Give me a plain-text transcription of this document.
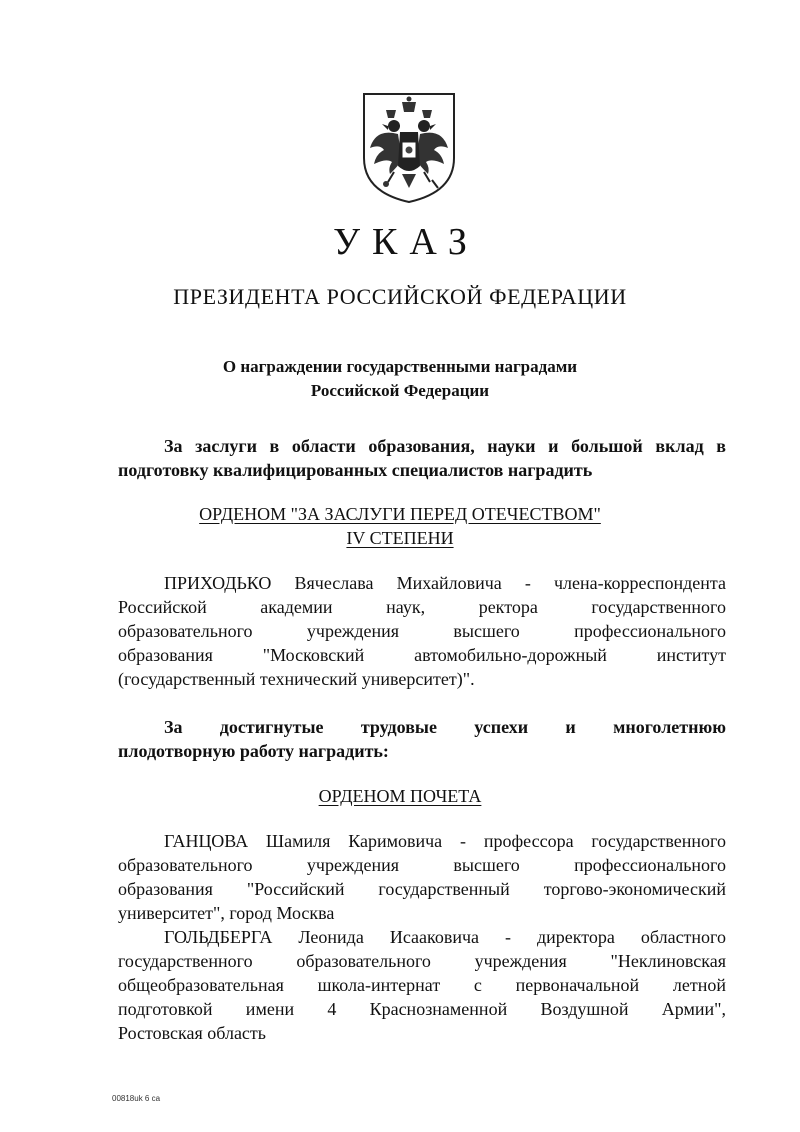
УКАЗ
ПРЕЗИДЕНТА РОССИЙСКОЙ ФЕДЕРАЦИИ
О награждении государственными наградами
Российской Федерации
За заслуги в области образования, науки и большой вклад в
подготовку квалифицированных специалистов наградить
ОРДЕНОМ "ЗА ЗАСЛУГИ ПЕРЕД ОТЕЧЕСТВОМ"
IV СТЕПЕНИ
ПРИХОДЬКО Вячеслава Михайловича - члена-корреспондента
Российской академии наук, ректора государственного
образовательного учреждения высшего профессионального
образования "Московский автомобильно-дорожный институт
(государственный технический университет)".
За достигнутые трудовые успехи и многолетнюю
плодотворную работу наградить:
ОРДЕНОМ ПОЧЕТА
ГАНЦОВА Шамиля Каримовича - профессора государственного
образовательного учреждения высшего профессионального
образования "Российский государственный торгово-экономический
университет", город Москва
ГОЛЬДБЕРГА Леонида Исааковича - директора областного
государственного образовательного учреждения "Неклиновская
общеобразовательная школа-интернат с первоначальной летной
подготовкой имени 4 Краснознаменной Воздушной Армии",
Ростовская область
00818uk 6 ca
